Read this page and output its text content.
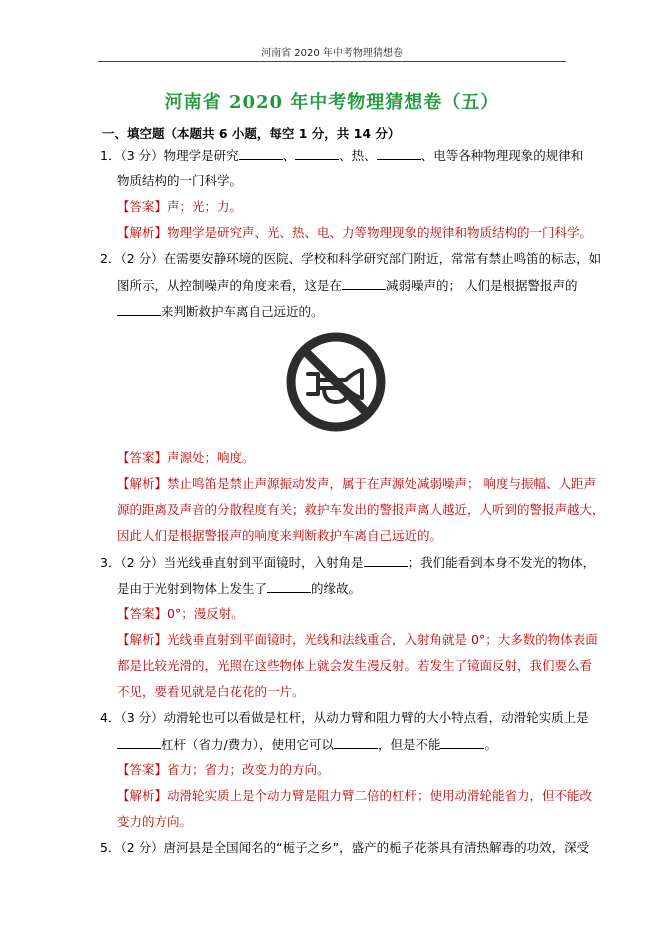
河南省 2020 年中考物理猜想卷
河南省 2020 年中考物理猜想卷（五）
一、填空题（本题共 6 小题，每空 1 分，共 14 分）
1．（3 分）物理学是研究	、	、热、	、电等各种物理现象的规律和
物质结构的一门科学。
【答案】声；光；力。
【解析】物理学是研究声、光、热、电、力等物理现象的规律和物质结构的一门科学。
2．（2 分）在需要安静环境的医院、学校和科学研究部门附近，常常有禁止鸣笛的标志，如
图所示，从控制噪声的角度来看，这是在	减弱噪声的； 人们是根据警报声的
来判断救护车离自己远近的。
【答案】声源处；响度。
【解析】禁止鸣笛是禁止声源振动发声，属于在声源处减弱噪声； 响度与振幅、人距声
源的距离及声音的分散程度有关；救护车发出的警报声离人越近，人听到的警报声越大，
因此人们是根据警报声的响度来判断救护车离自己远近的。
3．（2 分）当光线垂直射到平面镜时，入射角是	；我们能看到本身不发光的物体，
是由于光射到物体上发生了	的缘故。
【答案】0°；漫反射。
【解析】光线垂直射到平面镜时，光线和法线重合，入射角就是 0°；大多数的物体表面
都是比较光滑的，光照在这些物体上就会发生漫反射。若发生了镜面反射，我们要么看
不见，要看见就是白花花的一片。
4．（3 分）动滑轮也可以看做是杠杆，从动力臂和阻力臂的大小特点看，动滑轮实质上是
杠杆（省力/费力），使用它可以	，但是不能	。
【答案】省力；省力；改变力的方向。
【解析】动滑轮实质上是个动力臂是阻力臂二倍的杠杆；使用动滑轮能省力，但不能改
变力的方向。
5．（2 分）唐河县是全国闻名的“栀子之乡”，盛产的栀子花茶具有清热解毒的功效，深受
